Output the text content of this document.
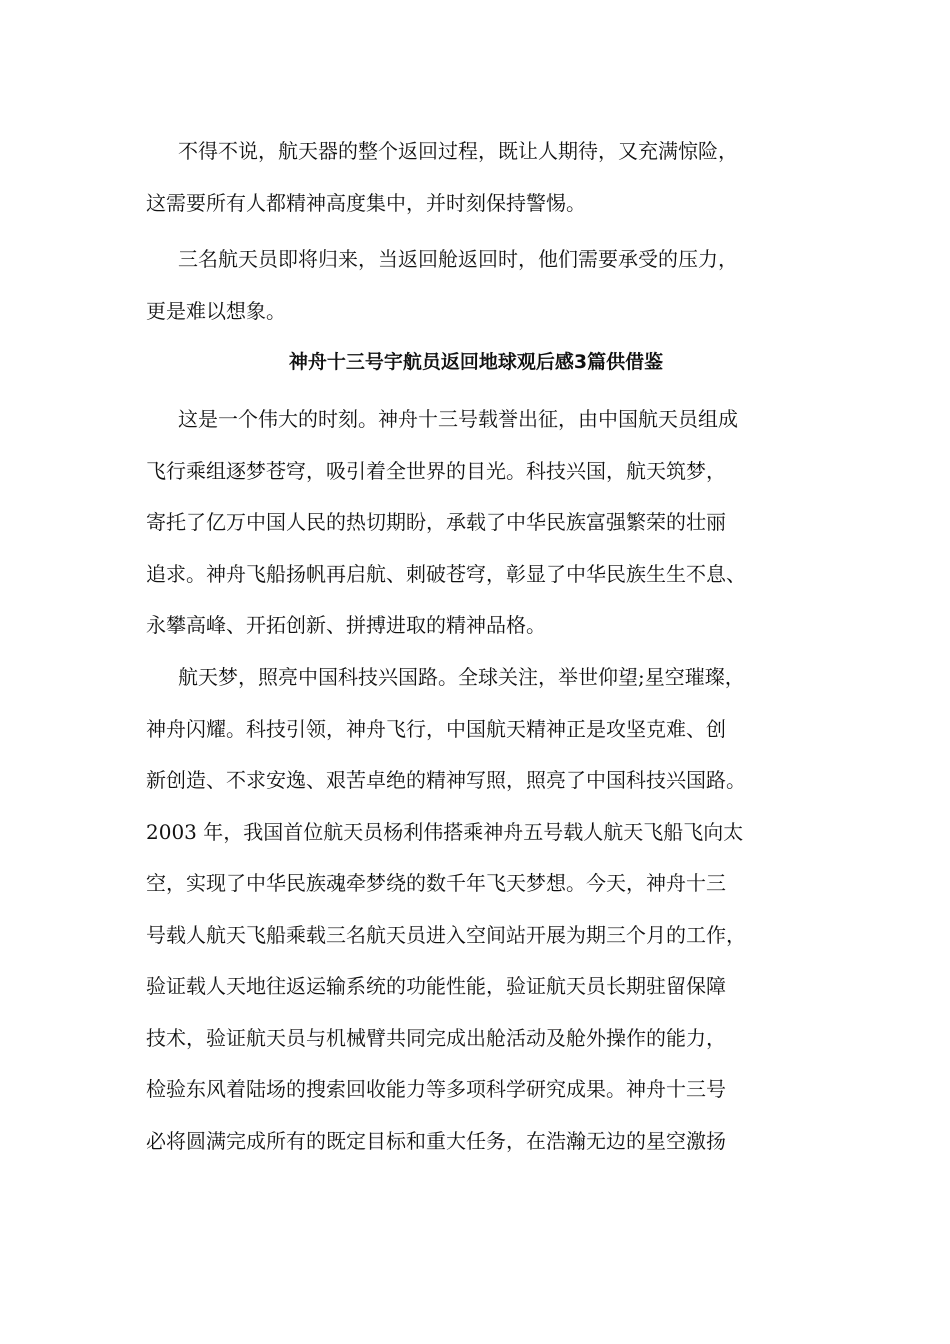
不得不说，航天器的整个返回过程，既让人期待，又充满惊险，
这需要所有人都精神高度集中，并时刻保持警惕。
三名航天员即将归来，当返回舱返回时，他们需要承受的压力，
更是难以想象。
神舟十三号宇航员返回地球观后感3篇供借鉴
这是一个伟大的时刻。神舟十三号载誉出征，由中国航天员组成
飞行乘组逐梦苍穹，吸引着全世界的目光。科技兴国，航天筑梦，
寄托了亿万中国人民的热切期盼，承载了中华民族富强繁荣的壮丽
追求。神舟飞船扬帆再启航、刺破苍穹，彰显了中华民族生生不息、
永攀高峰、开拓创新、拼搏进取的精神品格。
航天梦，照亮中国科技兴国路。全球关注，举世仰望;星空璀璨，
神舟闪耀。科技引领，神舟飞行，中国航天精神正是攻坚克难、创
新创造、不求安逸、艰苦卓绝的精神写照，照亮了中国科技兴国路。
2003 年，我国首位航天员杨利伟搭乘神舟五号载人航天飞船飞向太
空，实现了中华民族魂牵梦绕的数千年飞天梦想。今天，神舟十三
号载人航天飞船乘载三名航天员进入空间站开展为期三个月的工作，
验证载人天地往返运输系统的功能性能，验证航天员长期驻留保障
技术，验证航天员与机械臂共同完成出舱活动及舱外操作的能力，
检验东风着陆场的搜索回收能力等多项科学研究成果。神舟十三号
必将圆满完成所有的既定目标和重大任务，在浩瀚无边的星空激扬
